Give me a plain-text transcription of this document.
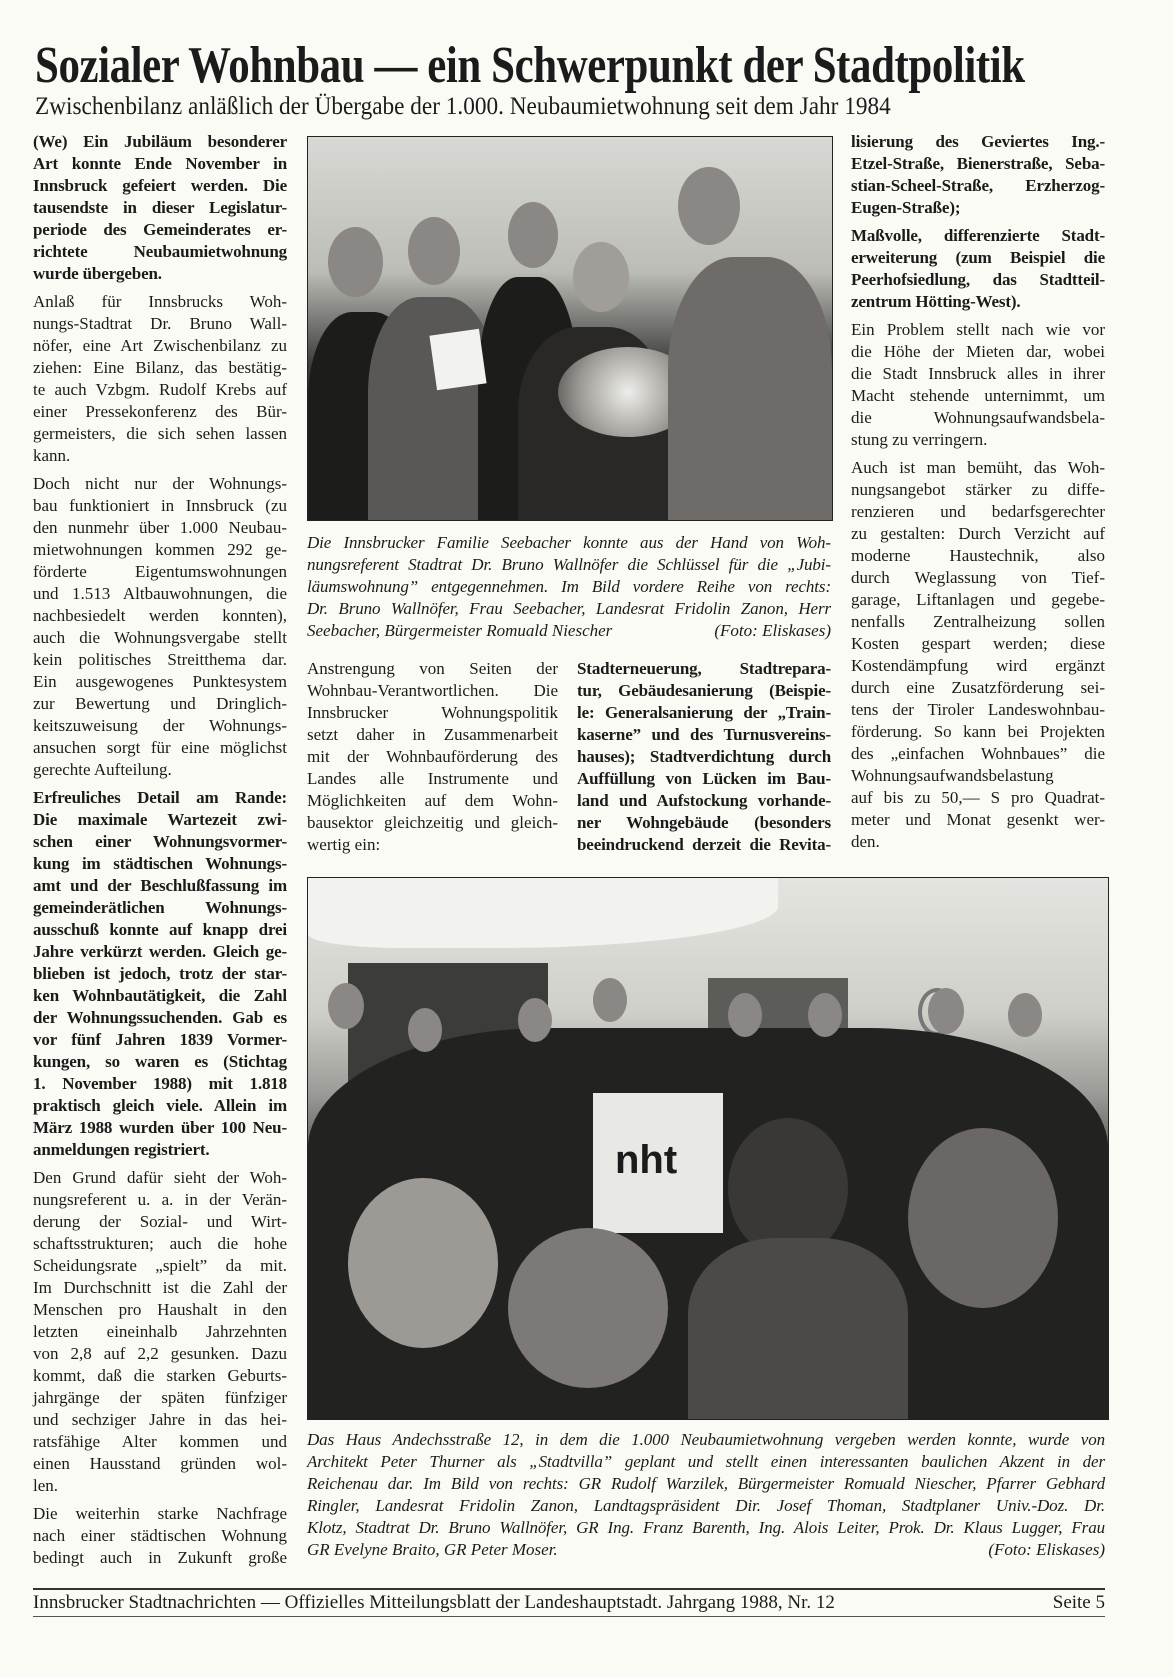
Sozialer Wohnbau — ein Schwerpunkt der Stadtpolitik
Zwischenbilanz anläßlich der Übergabe der 1.000. Neubaumietwohnung seit dem Jahr 1984

(We) Ein Jubiläum besonderer
Art konnte Ende November in
Innsbruck gefeiert werden. Die
tausendste in dieser Legislatur-
periode des Gemeinderates er-
richtete Neubaumietwohnung
wurde übergeben.

Anlaß für Innsbrucks Woh-
nungs-Stadtrat Dr. Bruno Wall-
nöfer, eine Art Zwischenbilanz zu
ziehen: Eine Bilanz, das bestätig-
te auch Vzbgm. Rudolf Krebs auf
einer Pressekonferenz des Bür-
germeisters, die sich sehen lassen
kann.

Doch nicht nur der Wohnungs-
bau funktioniert in Innsbruck (zu
den nunmehr über 1.000 Neubau-
mietwohnungen kommen 292 ge-
förderte Eigentumswohnungen
und 1.513 Altbauwohnungen, die
nachbesiedelt werden konnten),
auch die Wohnungsvergabe stellt
kein politisches Streitthema dar.
Ein ausgewogenes Punktesystem
zur Bewertung und Dringlich-
keitszuweisung der Wohnungs-
ansuchen sorgt für eine möglichst
gerechte Aufteilung.

Erfreuliches Detail am Rande:
Die maximale Wartezeit zwi-
schen einer Wohnungsvormer-
kung im städtischen Wohnungs-
amt und der Beschlußfassung im
gemeinderätlichen Wohnungs-
ausschuß konnte auf knapp drei
Jahre verkürzt werden. Gleich ge-
blieben ist jedoch, trotz der star-
ken Wohnbautätigkeit, die Zahl
der Wohnungssuchenden. Gab es
vor fünf Jahren 1839 Vormer-
kungen, so waren es (Stichtag
1. November 1988) mit 1.818
praktisch gleich viele. Allein im
März 1988 wurden über 100 Neu-
anmeldungen registriert.

Den Grund dafür sieht der Woh-
nungsreferent u. a. in der Verän-
derung der Sozial- und Wirt-
schaftsstrukturen; auch die hohe
Scheidungsrate „spielt” da mit.
Im Durchschnitt ist die Zahl der
Menschen pro Haushalt in den
letzten eineinhalb Jahrzehnten
von 2,8 auf 2,2 gesunken. Dazu
kommt, daß die starken Geburts-
jahrgänge der späten fünfziger
und sechziger Jahre in das hei-
ratsfähige Alter kommen und
einen Hausstand gründen wol-
len.

Die weiterhin starke Nachfrage
nach einer städtischen Wohnung
bedingt auch in Zukunft große

Die Innsbrucker Familie Seebacher konnte aus der Hand von Woh-
nungsreferent Stadtrat Dr. Bruno Wallnöfer die Schlüssel für die „Jubi-
läumswohnung” entgegennehmen. Im Bild vordere Reihe von rechts:
Dr. Bruno Wallnöfer, Frau Seebacher, Landesrat Fridolin Zanon, Herr
Seebacher, Bürgermeister Romuald Niescher	(Foto: Eliskases)

Anstrengung von Seiten der
Wohnbau-Verantwortlichen. Die
Innsbrucker Wohnungspolitik
setzt daher in Zusammenarbeit
mit der Wohnbauförderung des
Landes alle Instrumente und
Möglichkeiten auf dem Wohn-
bausektor gleichzeitig und gleich-
wertig ein:

Stadterneuerung, Stadtrepara-
tur, Gebäudesanierung (Beispie-
le: Generalsanierung der „Train-
kaserne” und des Turnusvereins-
hauses); Stadtverdichtung durch
Auffüllung von Lücken im Bau-
land und Aufstockung vorhande-
ner Wohngebäude (besonders
beeindruckend derzeit die Revita-

lisierung des Geviertes Ing.-
Etzel-Straße, Bienerstraße, Seba-
stian-Scheel-Straße, Erzherzog-
Eugen-Straße);

Maßvolle, differenzierte Stadt-
erweiterung (zum Beispiel die
Peerhofsiedlung, das Stadtteil-
zentrum Hötting-West).

Ein Problem stellt nach wie vor
die Höhe der Mieten dar, wobei
die Stadt Innsbruck alles in ihrer
Macht stehende unternimmt, um
die Wohnungsaufwandsbela-
stung zu verringern.

Auch ist man bemüht, das Woh-
nungsangebot stärker zu diffe-
renzieren und bedarfsgerechter
zu gestalten: Durch Verzicht auf
moderne Haustechnik, also
durch Weglassung von Tief-
garage, Liftanlagen und gegebe-
nenfalls Zentralheizung sollen
Kosten gespart werden; diese
Kostendämpfung wird ergänzt
durch eine Zusatzförderung sei-
tens der Tiroler Landeswohnbau-
förderung. So kann bei Projekten
des „einfachen Wohnbaues” die
Wohnungsaufwandsbelastung
auf bis zu 50,— S pro Quadrat-
meter und Monat gesenkt wer-
den.

nht
Das Haus Andechsstraße 12, in dem die 1.000 Neubaumietwohnung vergeben werden konnte, wurde von
Architekt Peter Thurner als „Stadtvilla” geplant und stellt einen interessanten baulichen Akzent in der
Reichenau dar. Im Bild von rechts: GR Rudolf Warzilek, Bürgermeister Romuald Niescher, Pfarrer Gebhard
Ringler, Landesrat Fridolin Zanon, Landtagspräsident Dir. Josef Thoman, Stadtplaner Univ.-Doz. Dr.
Klotz, Stadtrat Dr. Bruno Wallnöfer, GR Ing. Franz Barenth, Ing. Alois Leiter, Prok. Dr. Klaus Lugger, Frau
GR Evelyne Braito, GR Peter Moser.	(Foto: Eliskases)
Innsbrucker Stadtnachrichten — Offizielles Mitteilungsblatt der Landeshauptstadt. Jahrgang 1988, Nr. 12	Seite 5
